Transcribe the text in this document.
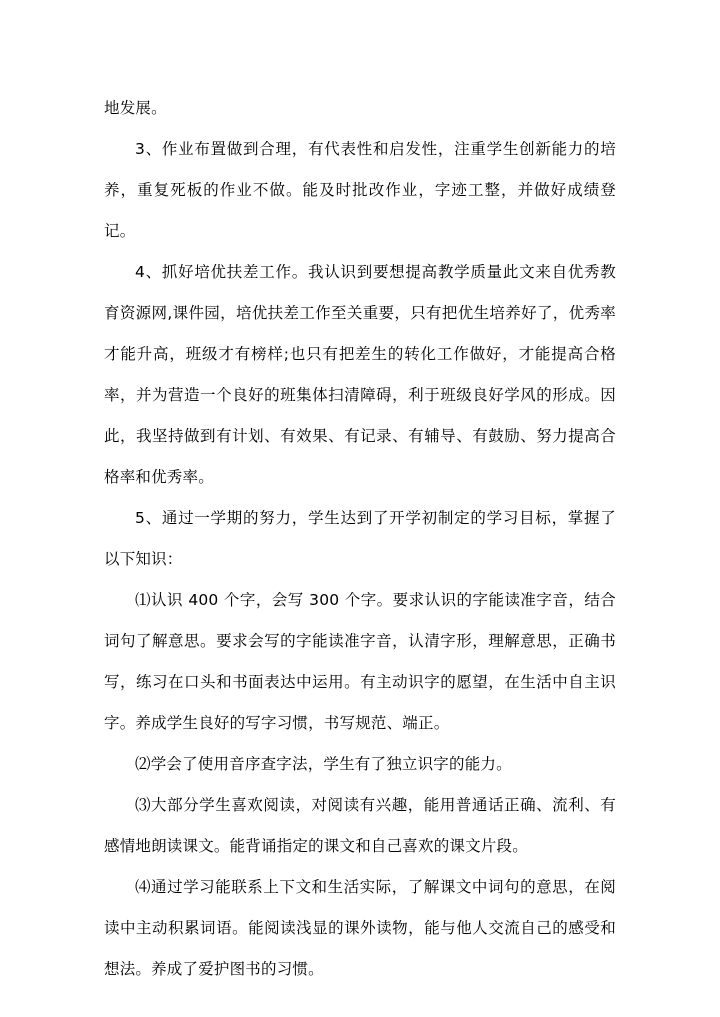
地发展。

3、作业布置做到合理，有代表性和启发性，注重学生创新能力的培养，重复死板的作业不做。能及时批改作业，字迹工整，并做好成绩登记。

4、抓好培优扶差工作。我认识到要想提高教学质量此文来自优秀教育资源网,课件园，培优扶差工作至关重要，只有把优生培养好了，优秀率才能升高，班级才有榜样;也只有把差生的转化工作做好，才能提高合格率，并为营造一个良好的班集体扫清障碍，利于班级良好学风的形成。因此，我坚持做到有计划、有效果、有记录、有辅导、有鼓励、努力提高合格率和优秀率。

5、通过一学期的努力，学生达到了开学初制定的学习目标，掌握了以下知识：

⑴认识 400 个字，会写 300 个字。要求认识的字能读准字音，结合词句了解意思。要求会写的字能读准字音，认清字形，理解意思，正确书写，练习在口头和书面表达中运用。有主动识字的愿望，在生活中自主识字。养成学生良好的写字习惯，书写规范、端正。

⑵学会了使用音序查字法，学生有了独立识字的能力。

⑶大部分学生喜欢阅读，对阅读有兴趣，能用普通话正确、流利、有感情地朗读课文。能背诵指定的课文和自己喜欢的课文片段。

⑷通过学习能联系上下文和生活实际，了解课文中词句的意思，在阅读中主动积累词语。能阅读浅显的课外读物，能与他人交流自己的感受和想法。养成了爱护图书的习惯。
